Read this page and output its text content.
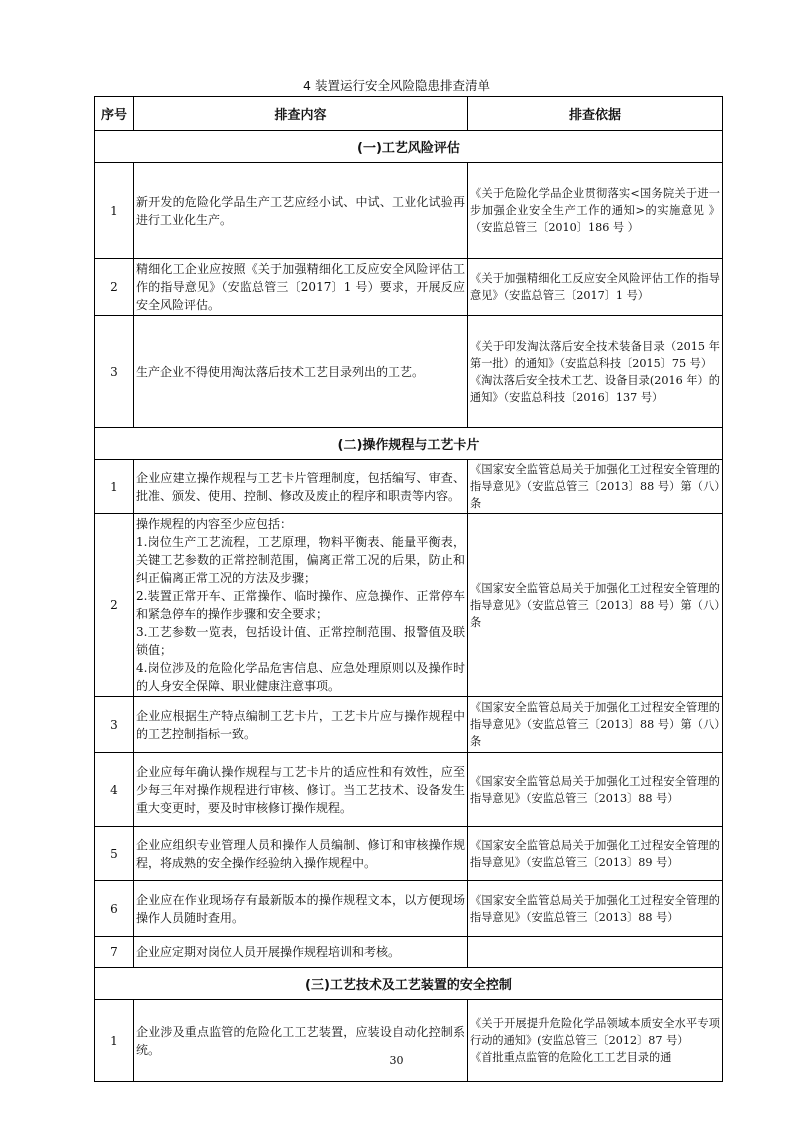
4 装置运行安全风险隐患排查清单
序号	排查内容	排查依据
(一)工艺风险评估		
1	新开发的危险化学品生产工艺应经小试、中试、工业化试验再进行工业化生产。	《关于危险化学品企业贯彻落实<国务院关于进一步加强企业安全生产工作的通知>的实施意见 》（安监总管三〔2010〕186 号 ）
2	精细化工企业应按照《关于加强精细化工反应安全风险评估工作的指导意见》（安监总管三〔2017〕1 号）要求，开展反应安全风险评估。	《关于加强精细化工反应安全风险评估工作的指导意见》（安监总管三〔2017〕1 号）
3	生产企业不得使用淘汰落后技术工艺目录列出的工艺。	《关于印发淘汰落后安全技术装备目录（2015 年第一批）的通知》（安监总科技〔2015〕75 号）
《淘汰落后安全技术工艺、设备目录(2016 年）的通知》（安监总科技〔2016〕137 号）
(二)操作规程与工艺卡片		
1	企业应建立操作规程与工艺卡片管理制度，包括编写、审查、批准、颁发、使用、控制、修改及废止的程序和职责等内容。	《国家安全监管总局关于加强化工过程安全管理的指导意见》（安监总管三〔2013〕88 号）第（八）条
2	操作规程的内容至少应包括：
1.岗位生产工艺流程，工艺原理，物料平衡表、能量平衡表，关键工艺参数的正常控制范围，偏离正常工况的后果，防止和纠正偏离正常工况的方法及步骤；
2.装置正常开车、正常操作、临时操作、应急操作、正常停车和紧急停车的操作步骤和安全要求；
3.工艺参数一览表，包括设计值、正常控制范围、报警值及联锁值；
4.岗位涉及的危险化学品危害信息、应急处理原则以及操作时的人身安全保障、职业健康注意事项。	《国家安全监管总局关于加强化工过程安全管理的指导意见》（安监总管三〔2013〕88 号）第（八）条
3	企业应根据生产特点编制工艺卡片，工艺卡片应与操作规程中的工艺控制指标一致。	《国家安全监管总局关于加强化工过程安全管理的指导意见》（安监总管三〔2013〕88 号）第（八）条
4	企业应每年确认操作规程与工艺卡片的适应性和有效性，应至少每三年对操作规程进行审核、修订。当工艺技术、设备发生重大变更时，要及时审核修订操作规程。	《国家安全监管总局关于加强化工过程安全管理的指导意见》（安监总管三〔2013〕88 号）
5	企业应组织专业管理人员和操作人员编制、修订和审核操作规程，将成熟的安全操作经验纳入操作规程中。	《国家安全监管总局关于加强化工过程安全管理的指导意见》（安监总管三〔2013〕89 号）
6	企业应在作业现场存有最新版本的操作规程文本，以方便现场操作人员随时查用。	《国家安全监管总局关于加强化工过程安全管理的指导意见》（安监总管三〔2013〕88 号）
7	企业应定期对岗位人员开展操作规程培训和考核。	
(三)工艺技术及工艺装置的安全控制		
1	企业涉及重点监管的危险化工工艺装置，应装设自动化控制系统。	《关于开展提升危险化学品领域本质安全水平专项行动的通知》(安监总管三〔2012〕87 号）
《首批重点监管的危险化工工艺目录的通
30
